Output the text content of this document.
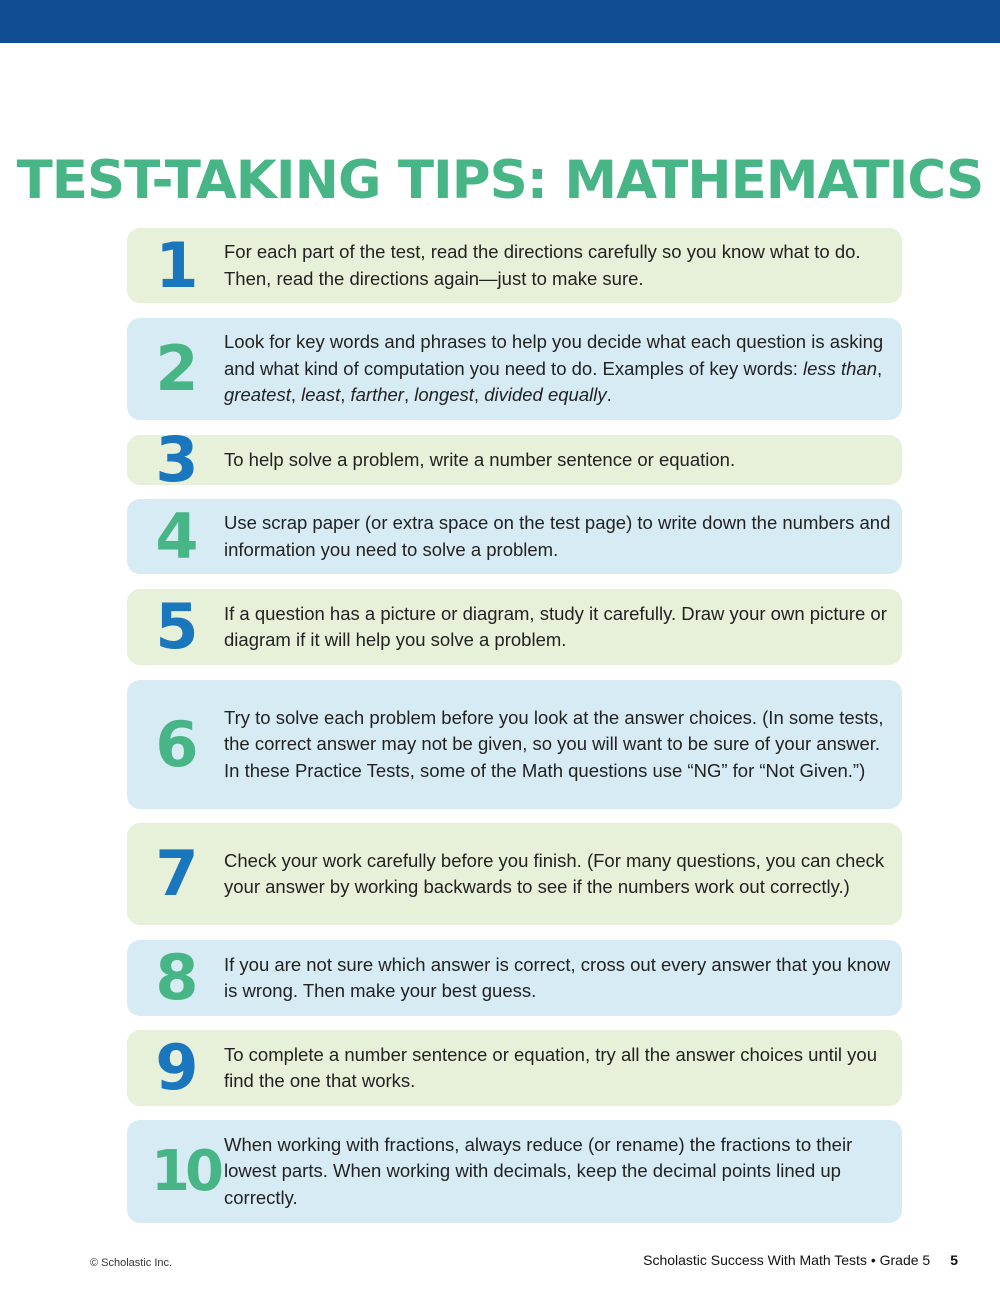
TEST-TAKING TIPS: MATHEMATICS
1	For each part of the test, read the directions carefully so you know what to do. Then, read the directions again—just to make sure.
2	Look for key words and phrases to help you decide what each question is asking and what kind of computation you need to do. Examples of key words: less than, greatest, least, farther, longest, divided equally.
3	To help solve a problem, write a number sentence or equation.
4	Use scrap paper (or extra space on the test page) to write down the numbers and information you need to solve a problem.
5	If a question has a picture or diagram, study it carefully. Draw your own picture or diagram if it will help you solve a problem.
6	Try to solve each problem before you look at the answer choices. (In some tests, the correct answer may not be given, so you will want to be sure of your answer. In these Practice Tests, some of the Math questions use “NG” for “Not Given.”)
7	Check your work carefully before you finish. (For many questions, you can check your answer by working backwards to see if the numbers work out correctly.)
8	If you are not sure which answer is correct, cross out every answer that you know is wrong. Then make your best guess.
9	To complete a number sentence or equation, try all the answer choices until you find the one that works.
10 When working with fractions, always reduce (or rename) the fractions to their lowest parts. When working with decimals, keep the decimal points lined up correctly.
© Scholastic Inc.	Scholastic Success With Math Tests • Grade 5 5
